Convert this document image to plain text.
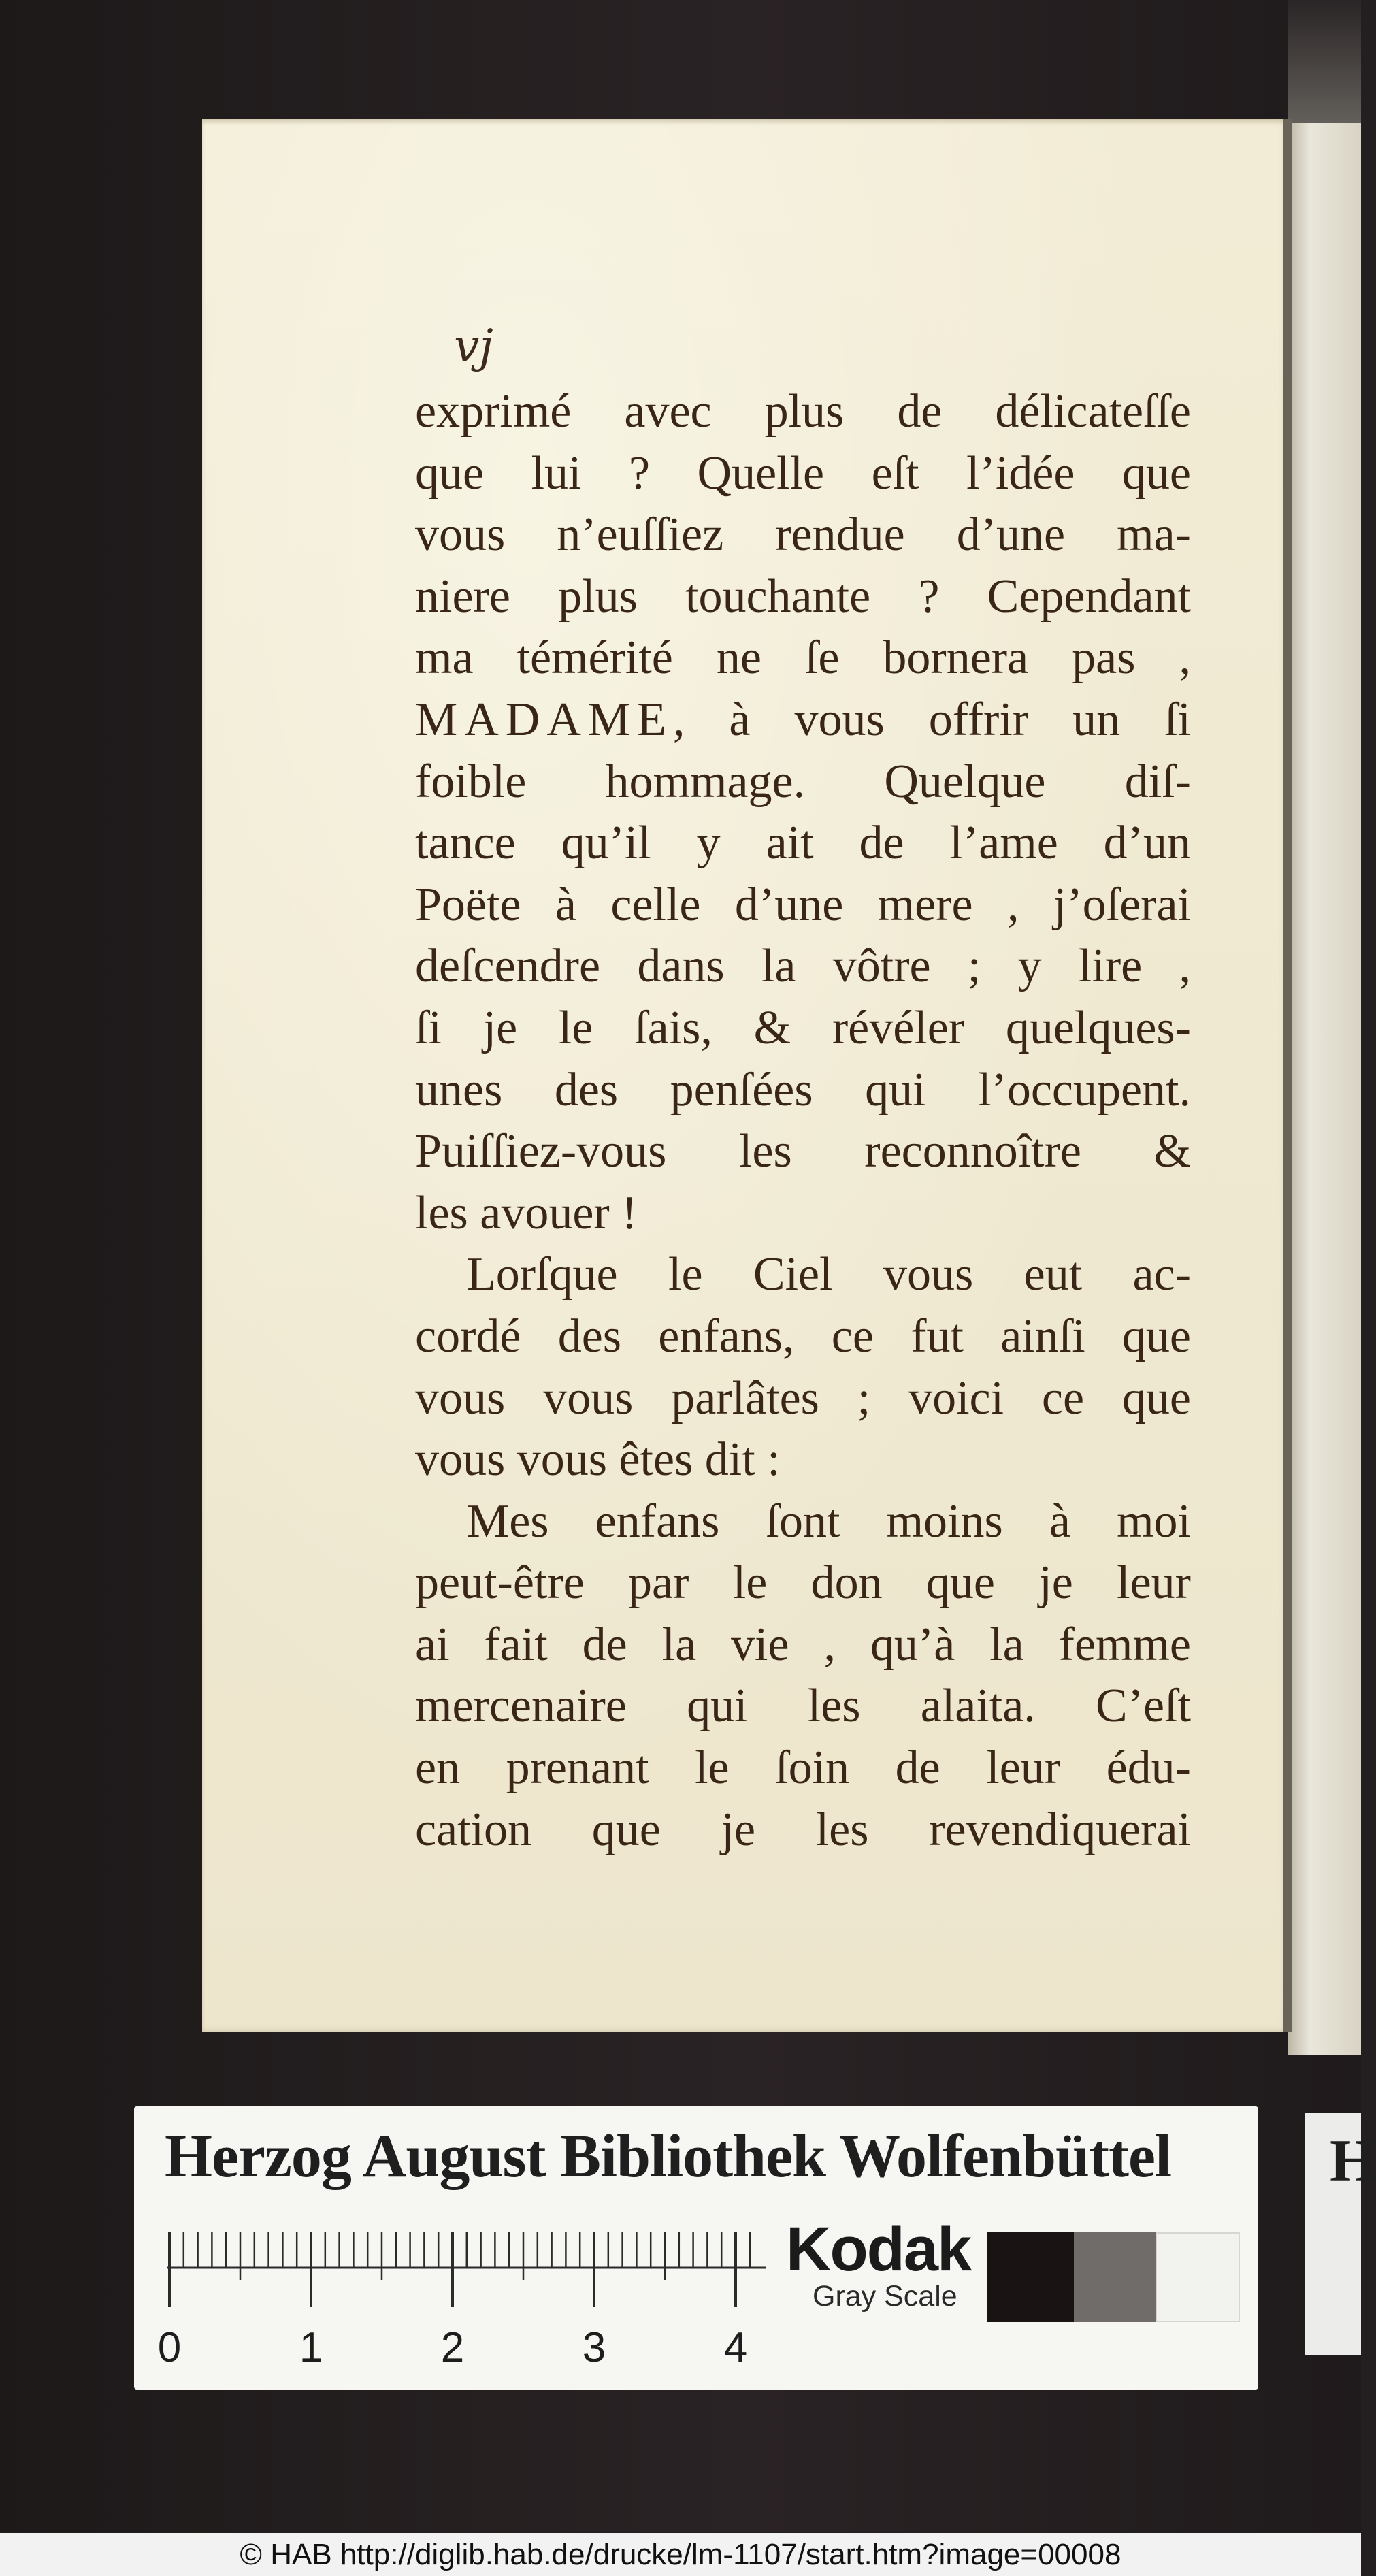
vj
exprimé avec plus de délicateſſe
que lui ? Quelle eſt l’idée que
vous n’euſſiez rendue d’une ma-
niere plus touchante ? Cependant
ma témérité ne ſe bornera pas ,
MADAME, à vous offrir un ſi
foible hommage. Quelque diſ-
tance qu’il y ait de l’ame d’un
Poëte à celle d’une mere , j’oſerai
deſcendre dans la vôtre ; y lire ,
ſi je le ſais, & révéler quelques-
unes des penſées qui l’occupent.
Puiſſiez-vous les reconnoître &
les avouer !
Lorſque le Ciel vous eut ac-
cordé des enfans, ce fut ainſi que
vous vous parlâtes ; voici ce que
vous vous êtes dit :
Mes enfans ſont moins à moi
peut-être par le don que je leur
ai fait de la vie , qu’à la femme
mercenaire qui les alaita. C’eſt
en prenant le ſoin de leur édu-
cation que je les revendiquerai
Herzog August Bibliothek Wolfenbüttel
0	1	2	3	4
Kodak
Gray Scale
H
© HAB http://diglib.hab.de/drucke/lm-1107/start.htm?image=00008
